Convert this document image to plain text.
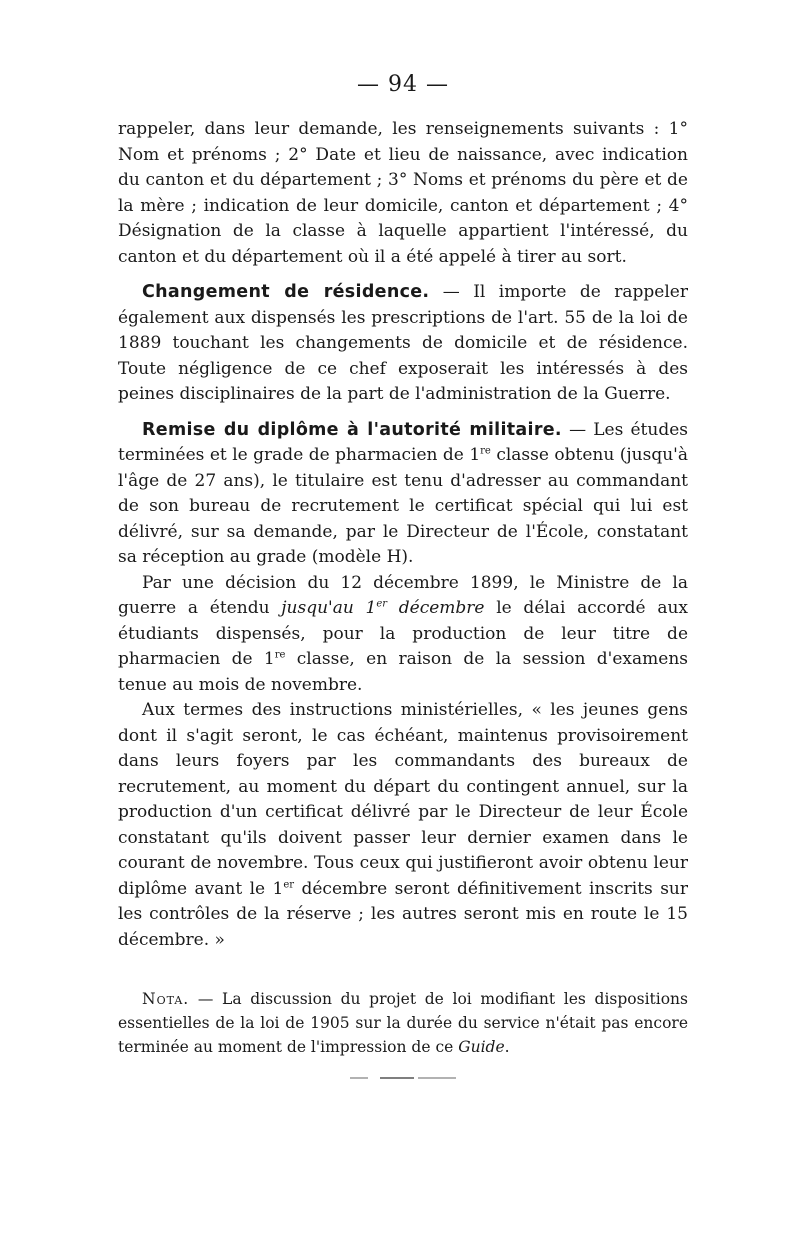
— 94 —

rappeler, dans leur demande, les renseignements suivants : 1° Nom et prénoms ; 2° Date et lieu de naissance, avec indication du canton et du département ; 3° Noms et prénoms du père et de la mère ; indication de leur domicile, canton et département ; 4° Désignation de la classe à laquelle appartient l'intéressé, du canton et du département où il a été appelé à tirer au sort.

Changement de résidence. — Il importe de rappeler également aux dispensés les prescriptions de l'art. 55 de la loi de 1889 touchant les changements de domicile et de résidence. Toute négligence de ce chef exposerait les intéressés à des peines disciplinaires de la part de l'administration de la Guerre.

Remise du diplôme à l'autorité militaire. — Les études terminées et le grade de pharmacien de 1re classe obtenu (jusqu'à l'âge de 27 ans), le titulaire est tenu d'adresser au commandant de son bureau de recrutement le certificat spécial qui lui est délivré, sur sa demande, par le Directeur de l'École, constatant sa réception au grade (modèle H).

Par une décision du 12 décembre 1899, le Ministre de la guerre a étendu jusqu'au 1er décembre le délai accordé aux étudiants dispensés, pour la production de leur titre de pharmacien de 1re classe, en raison de la session d'examens tenue au mois de novembre.

Aux termes des instructions ministérielles, « les jeunes gens dont il s'agit seront, le cas échéant, maintenus provisoirement dans leurs foyers par les commandants des bureaux de recrutement, au moment du départ du contingent annuel, sur la production d'un certificat délivré par le Directeur de leur École constatant qu'ils doivent passer leur dernier examen dans le courant de novembre. Tous ceux qui justifieront avoir obtenu leur diplôme avant le 1er décembre seront définitivement inscrits sur les contrôles de la réserve ; les autres seront mis en route le 15 décembre. »

Nota. — La discussion du projet de loi modifiant les dispositions essentielles de la loi de 1905 sur la durée du service n'était pas encore terminée au moment de l'impression de ce Guide.
